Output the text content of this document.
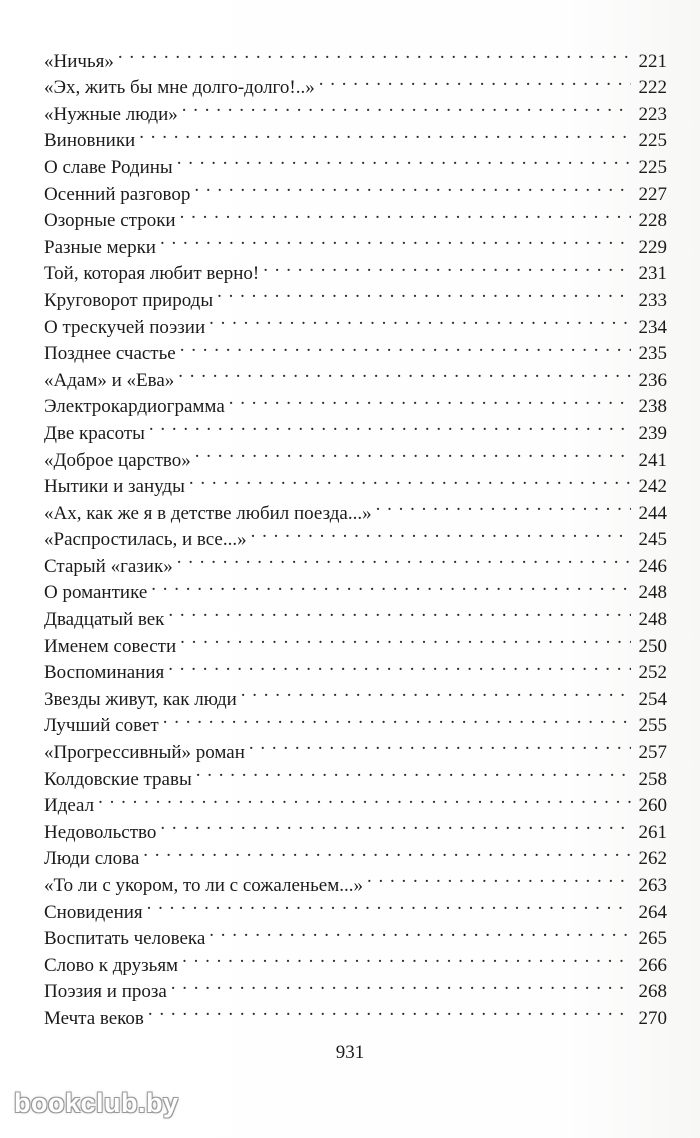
«Ничья» . . .	221
«Эх, жить бы мне долго-долго!..» . . .	222
«Нужные люди» . . .	223
Виновники . . .	225
О славе Родины . . .	225
Осенний разговор . . .	227
Озорные строки . . .	228
Разные мерки . . .	229
Той, которая любит верно! . . .	231
Круговорот природы . . .	233
О трескучей поэзии . . .	234
Позднее счастье . . .	235
«Адам» и «Ева» . . .	236
Электрокардиограмма . . .	238
Две красоты . . .	239
«Доброе царство» . . .	241
Нытики и зануды . . .	242
«Ах, как же я в детстве любил поезда...» . . .	244
«Распростилась, и все...» . . .	245
Старый «газик» . . .	246
О романтике . . .	248
Двадцатый век . . .	248
Именем совести . . .	250
Воспоминания . . .	252
Звезды живут, как люди . . .	254
Лучший совет . . .	255
«Прогрессивный» роман . . .	257
Колдовские травы . . .	258
Идеал . . .	260
Недовольство . . .	261
Люди слова . . .	262
«То ли с укором, то ли с сожаленьем...» . . .	263
Сновидения . . .	264
Воспитать человека . . .	265
Слово к друзьям . . .	266
Поэзия и проза . . .	268
Мечта веков . . .	270
931
bookclub.by
